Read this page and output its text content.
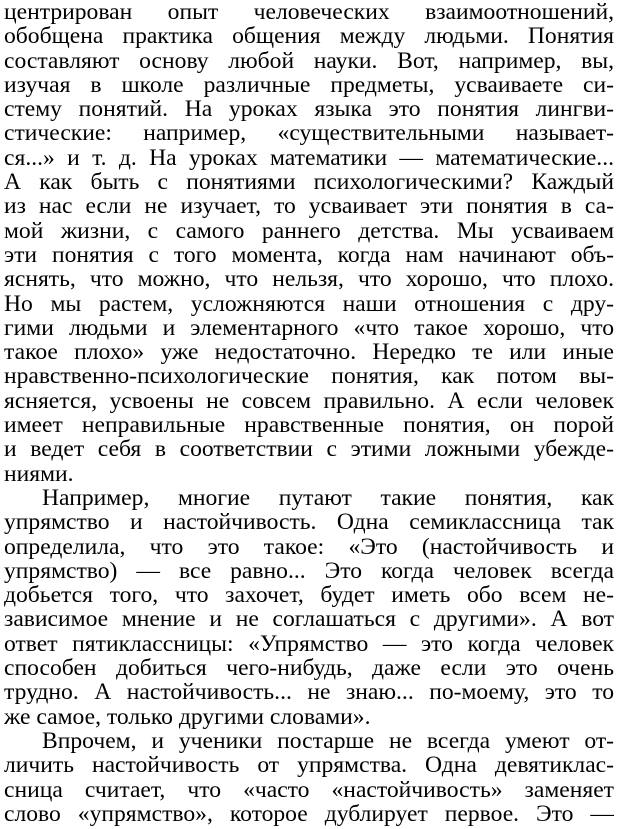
центрирован опыт человеческих взаимоотношений,
обобщена практика общения между людьми. Понятия
составляют основу любой науки. Вот, например, вы,
изучая в школе различные предметы, усваиваете си-
стему понятий. На уроках языка это понятия лингви-
стические: например, «существительными называет-
ся...» и т. д. На уроках математики — математические...
А как быть с понятиями психологическими? Каждый
из нас если не изучает, то усваивает эти понятия в са-
мой жизни, с самого раннего детства. Мы усваиваем
эти понятия с того момента, когда нам начинают объ-
яснять, что можно, что нельзя, что хорошо, что плохо.
Но мы растем, усложняются наши отношения с дру-
гими людьми и элементарного «что такое хорошо, что
такое плохо» уже недостаточно. Нередко те или иные
нравственно-психологические понятия, как потом вы-
ясняется, усвоены не совсем правильно. А если человек
имеет неправильные нравственные понятия, он порой
и ведет себя в соответствии с этими ложными убежде-
ниями.
Например, многие путают такие понятия, как
упрямство и настойчивость. Одна семиклассница так
определила, что это такое: «Это (настойчивость и
упрямство) — все равно... Это когда человек всегда
добьется того, что захочет, будет иметь обо всем не-
зависимое мнение и не соглашаться с другими». А вот
ответ пятиклассницы: «Упрямство — это когда человек
способен добиться чего-нибудь, даже если это очень
трудно. А настойчивость... не знаю... по-моему, это то
же самое, только другими словами».
Впрочем, и ученики постарше не всегда умеют от-
личить настойчивость от упрямства. Одна девятиклас-
сница считает, что «часто «настойчивость» заменяет
слово «упрямство», которое дублирует первое. Это —
